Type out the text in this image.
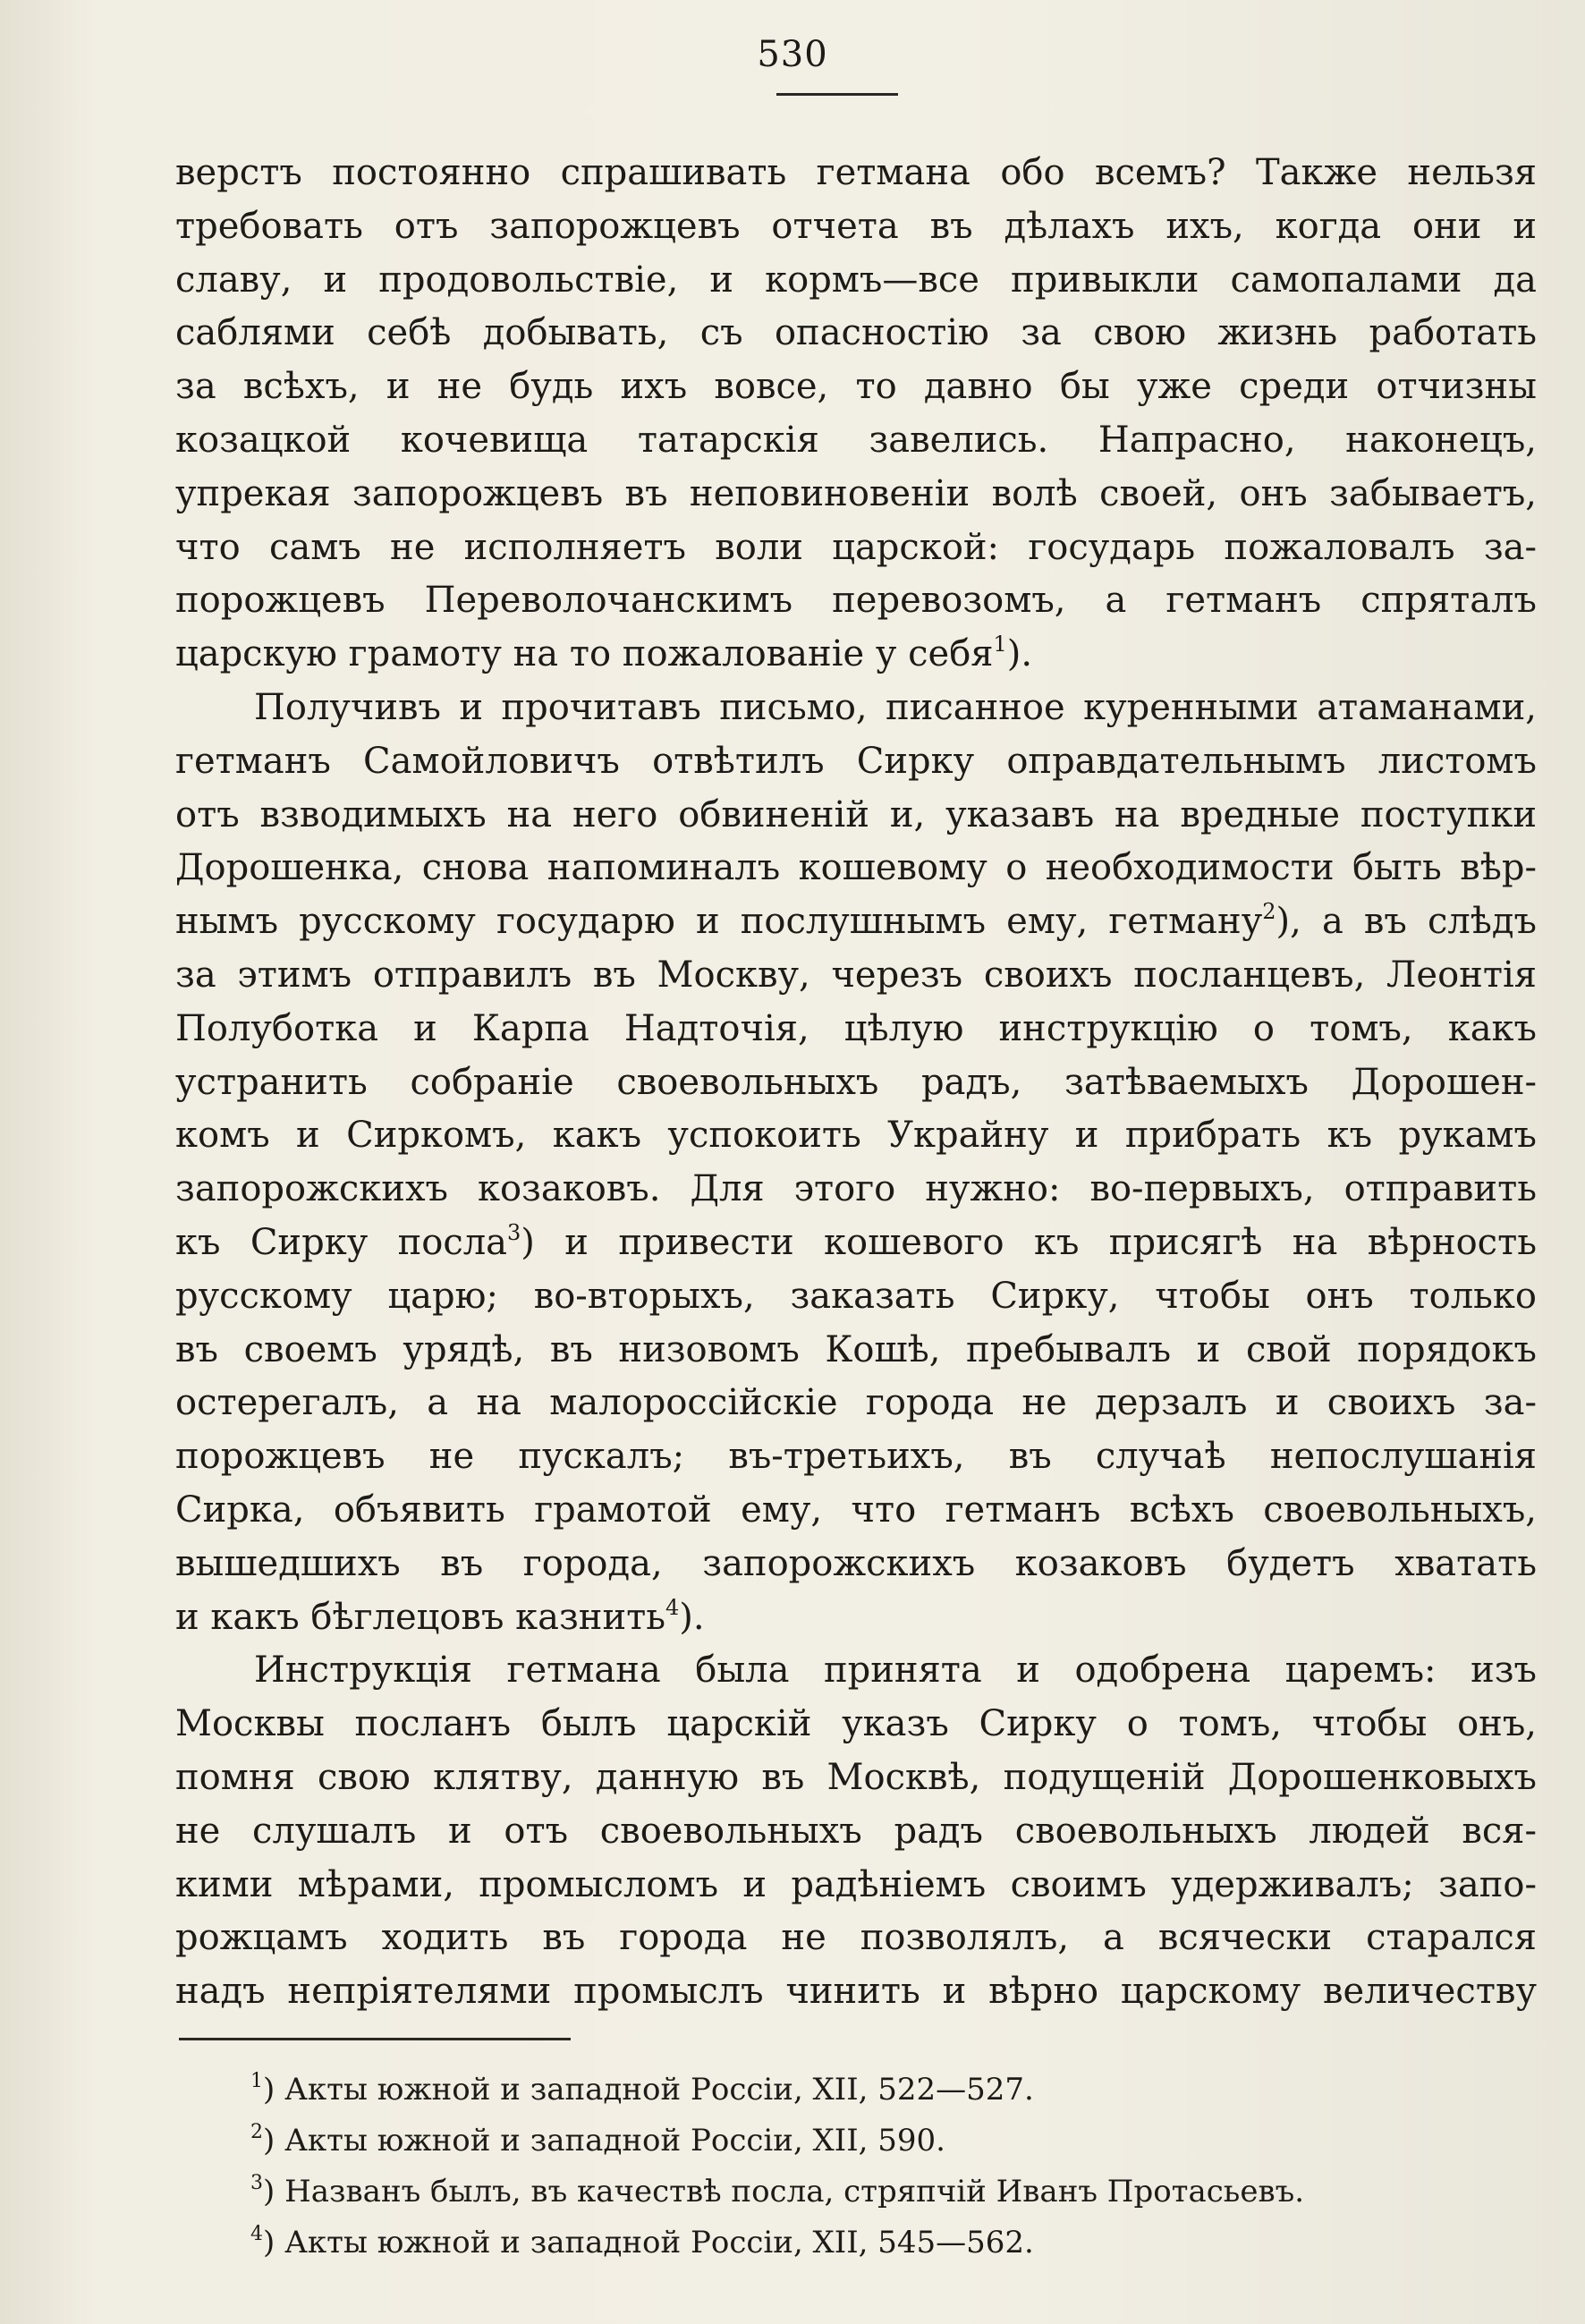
530
верстъ постоянно спрашивать гетмана обо всемъ? Также нельзя
требовать отъ запорожцевъ отчета въ дѣлахъ ихъ, когда они и
славу, и продовольствіе, и кормъ—все привыкли самопалами да
саблями себѣ добывать, съ опасностію за свою жизнь работать
за всѣхъ, и не будь ихъ вовсе, то давно бы уже среди отчизны
козацкой кочевища татарскія завелись. Напрасно, наконецъ,
упрекая запорожцевъ въ неповиновеніи волѣ своей, онъ забываетъ,
что самъ не исполняетъ воли царской: государь пожаловалъ за-
порожцевъ Переволочанскимъ перевозомъ, а гетманъ спряталъ
царскую грамоту на то пожалованіе у себя$^1$).
Получивъ и прочитавъ письмо, писанное куренными атаманами,
гетманъ Самойловичъ отвѣтилъ Сирку оправдательнымъ листомъ
отъ взводимыхъ на него обвиненій и, указавъ на вредные поступки
Дорошенка, снова напоминалъ кошевому о необходимости быть вѣр-
нымъ русскому государю и послушнымъ ему, гетману$^2$), а въ слѣдъ
за этимъ отправилъ въ Москву, черезъ своихъ посланцевъ, Леонтія
Полуботка и Карпа Надточія, цѣлую инструкцію о томъ, какъ
устранить собраніе своевольныхъ радъ, затѣваемыхъ Дорошен-
комъ и Сиркомъ, какъ успокоить Украйну и прибрать къ рукамъ
запорожскихъ козаковъ. Для этого нужно: во-первыхъ, отправить
къ Сирку посла$^3$) и привести кошевого къ присягѣ на вѣрность
русскому царю; во-вторыхъ, заказать Сирку, чтобы онъ только
въ своемъ урядѣ, въ низовомъ Кошѣ, пребывалъ и свой порядокъ
остерегалъ, а на малороссійскіе города не дерзалъ и своихъ за-
порожцевъ не пускалъ; въ-третьихъ, въ случаѣ непослушанія
Сирка, объявить грамотой ему, что гетманъ всѣхъ своевольныхъ,
вышедшихъ въ города, запорожскихъ козаковъ будетъ хватать
и какъ бѣглецовъ казнить$^4$).
Инструкція гетмана была принята и одобрена царемъ: изъ
Москвы посланъ былъ царскій указъ Сирку о томъ, чтобы онъ,
помня свою клятву, данную въ Москвѣ, подущеній Дорошенковыхъ
не слушалъ и отъ своевольныхъ радъ своевольныхъ людей вся-
кими мѣрами, промысломъ и радѣніемъ своимъ удерживалъ; запо-
рожцамъ ходить въ города не позволялъ, а всячески старался
надъ непріятелями промыслъ чинить и вѣрно царскому величеству
$^1$) Акты южной и западной Россіи, XII, 522—527.
$^2$) Акты южной и западной Россіи, XII, 590.
$^3$) Названъ былъ, въ качествѣ посла, стряпчій Иванъ Протасьевъ.
$^4$) Акты южной и западной Россіи, XII, 545—562.
